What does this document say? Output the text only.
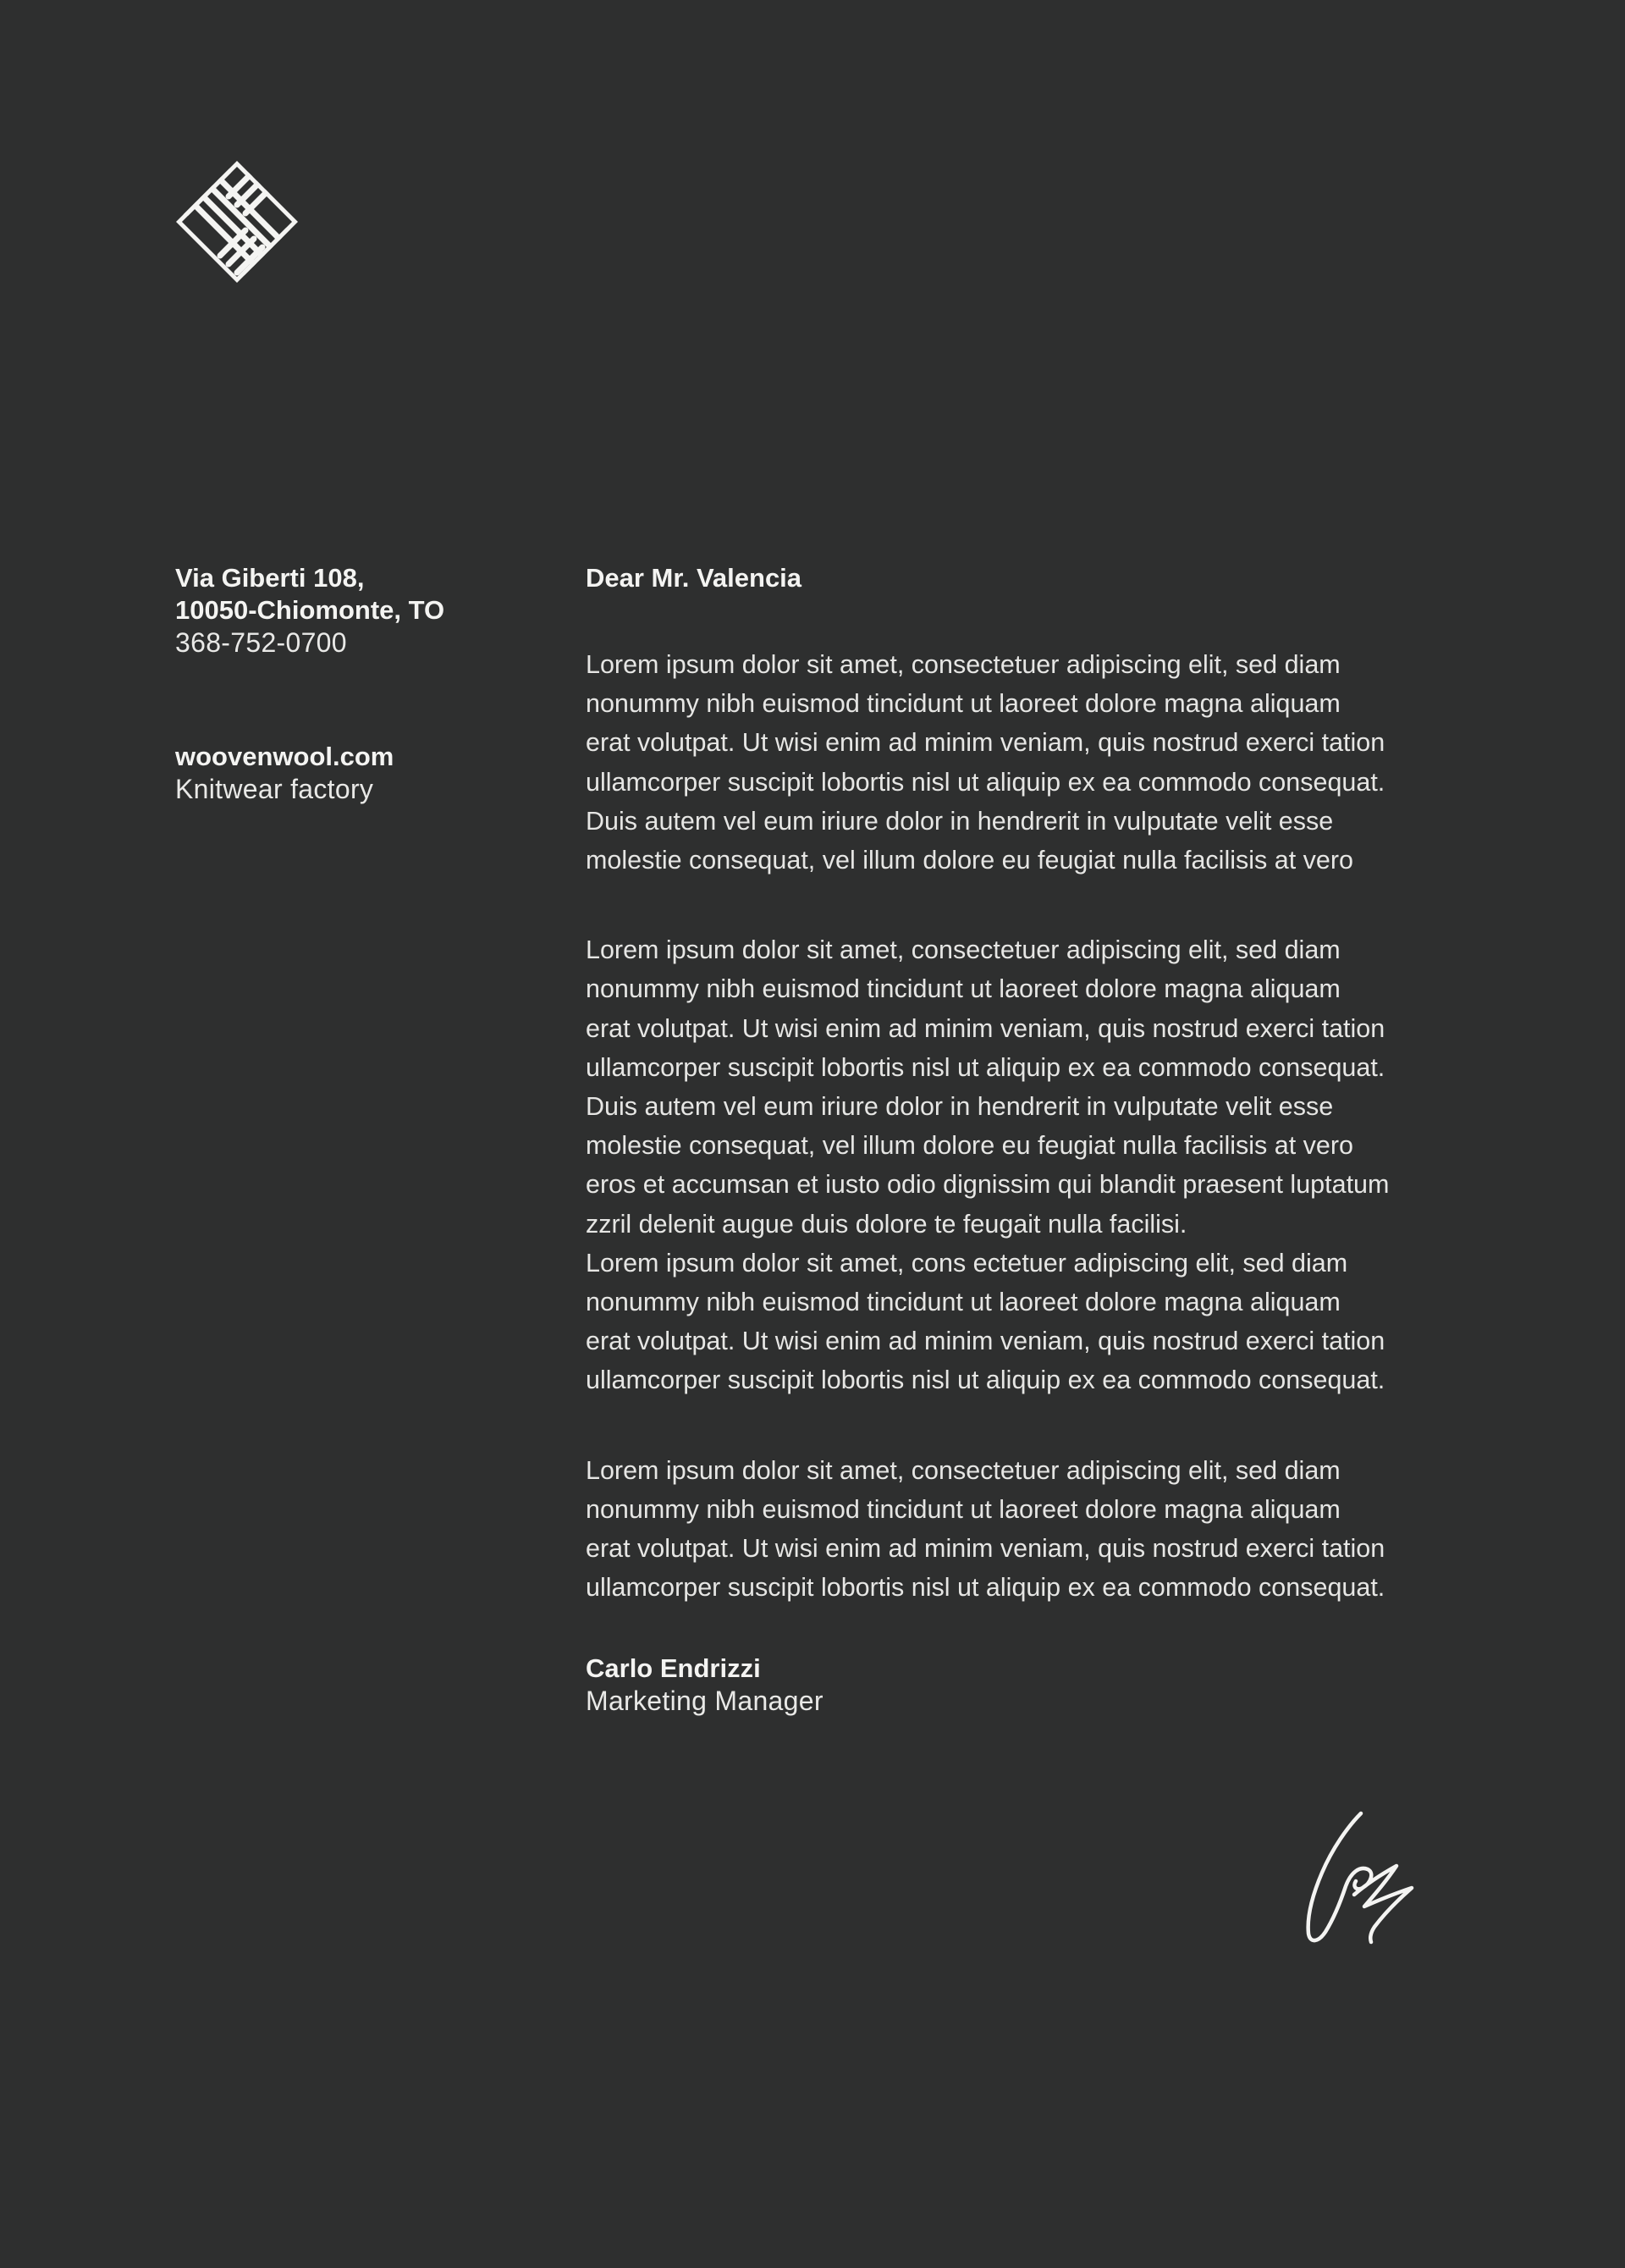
Via Giberti 108,
10050-Chiomonte, TO
368-752-0700
woovenwool.com
Knitwear factory
Dear Mr. Valencia

Lorem ipsum dolor sit amet, consectetuer adipiscing elit, sed diam
nonummy nibh euismod tincidunt ut laoreet dolore magna aliquam
erat volutpat. Ut wisi enim ad minim veniam, quis nostrud exerci tation
ullamcorper suscipit lobortis nisl ut aliquip ex ea commodo consequat.
Duis autem vel eum iriure dolor in hendrerit in vulputate velit esse
molestie consequat, vel illum dolore eu feugiat nulla facilisis at vero

Lorem ipsum dolor sit amet, consectetuer adipiscing elit, sed diam
nonummy nibh euismod tincidunt ut laoreet dolore magna aliquam
erat volutpat. Ut wisi enim ad minim veniam, quis nostrud exerci tation
ullamcorper suscipit lobortis nisl ut aliquip ex ea commodo consequat.
Duis autem vel eum iriure dolor in hendrerit in vulputate velit esse
molestie consequat, vel illum dolore eu feugiat nulla facilisis at vero
eros et accumsan et iusto odio dignissim qui blandit praesent luptatum
zzril delenit augue duis dolore te feugait nulla facilisi.
Lorem ipsum dolor sit amet, cons ectetuer adipiscing elit, sed diam
nonummy nibh euismod tincidunt ut laoreet dolore magna aliquam
erat volutpat. Ut wisi enim ad minim veniam, quis nostrud exerci tation
ullamcorper suscipit lobortis nisl ut aliquip ex ea commodo consequat.

Lorem ipsum dolor sit amet, consectetuer adipiscing elit, sed diam
nonummy nibh euismod tincidunt ut laoreet dolore magna aliquam
erat volutpat. Ut wisi enim ad minim veniam, quis nostrud exerci tation
ullamcorper suscipit lobortis nisl ut aliquip ex ea commodo consequat.

Carlo Endrizzi
Marketing Manager
